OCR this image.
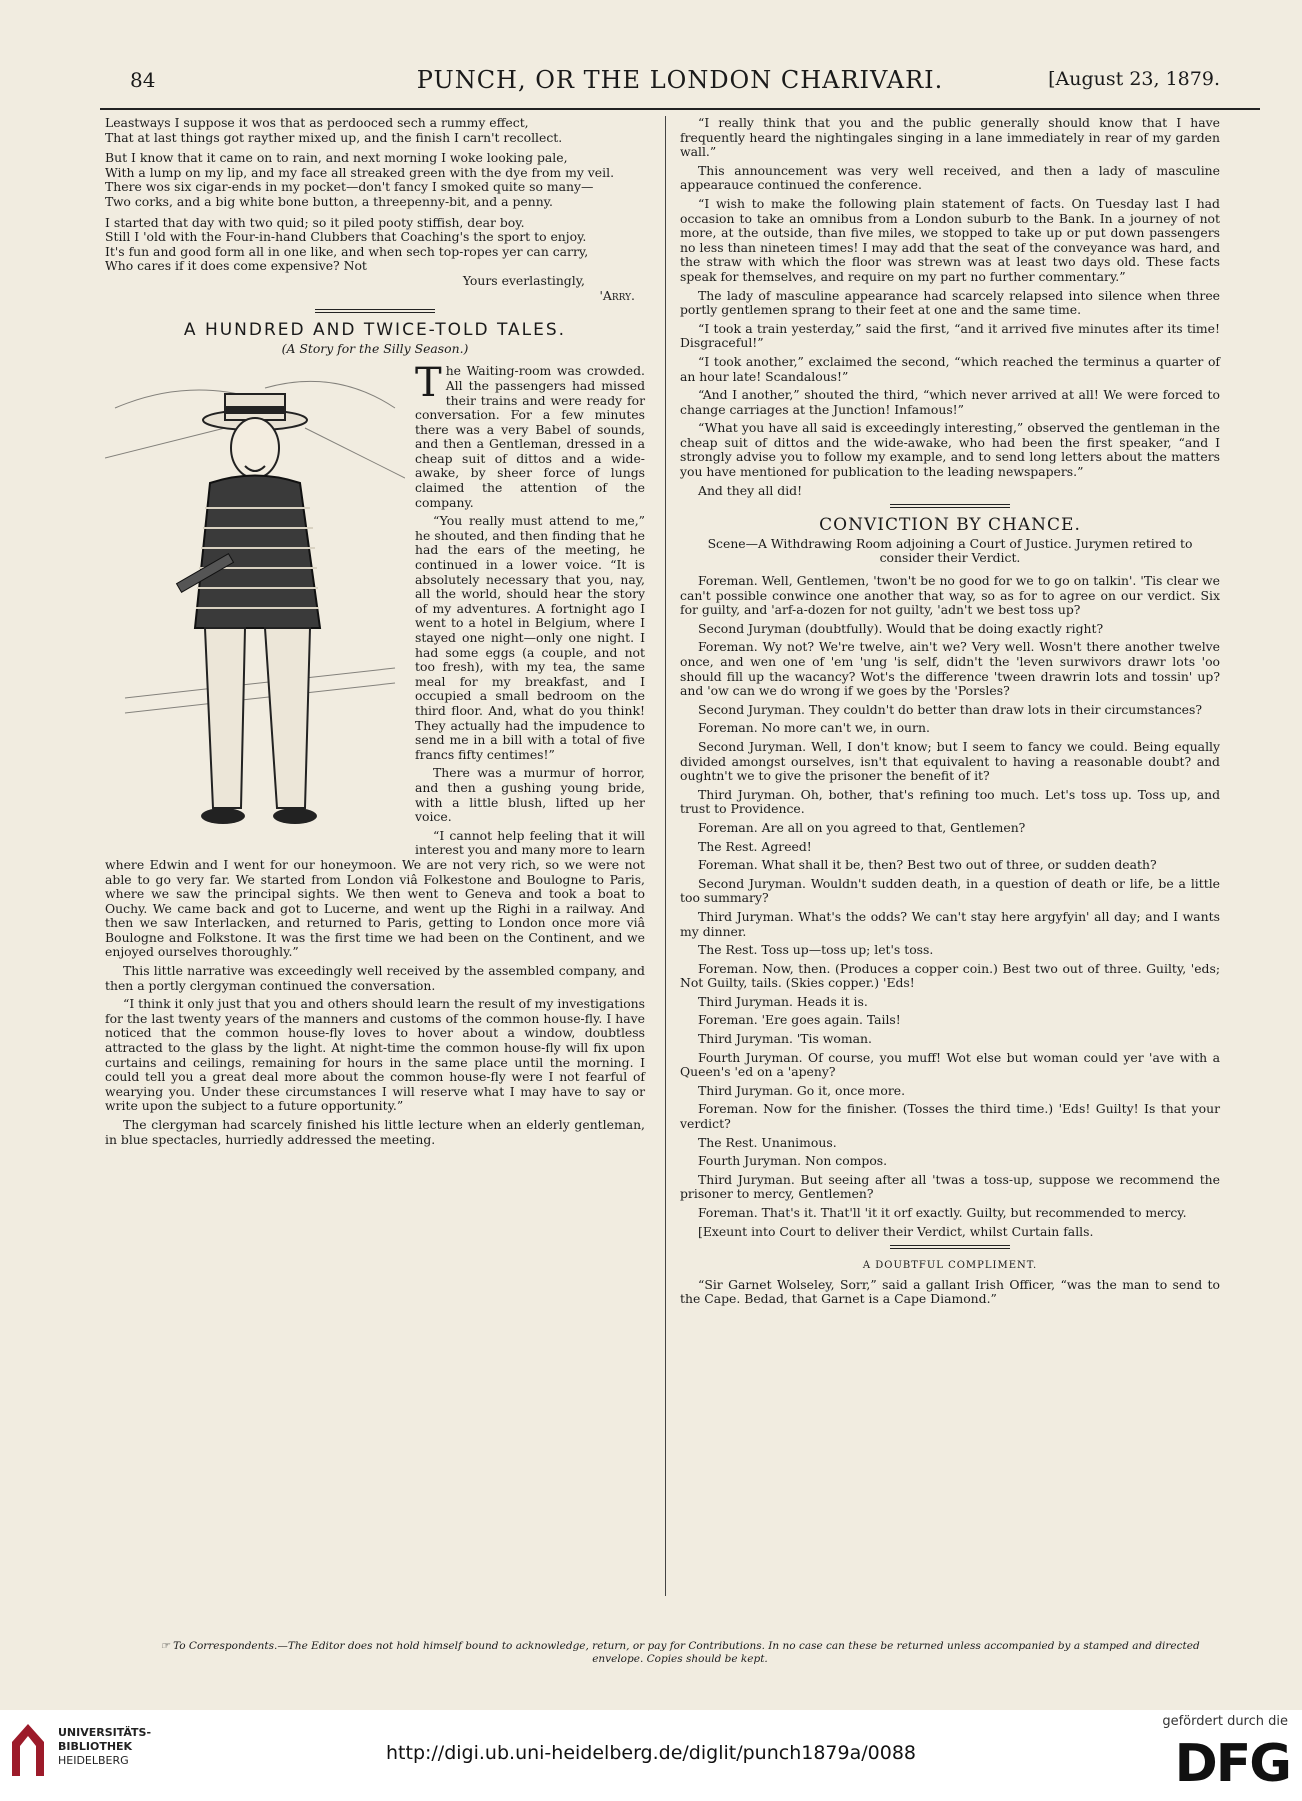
84	PUNCH, OR THE LONDON CHARIVARI.	[August 23, 1879.

Leastways I suppose it wos that as perdooced sech a rummy effect,

That at last things got rayther mixed up, and the finish I carn't recollect.

But I know that it came on to rain, and next morning I woke looking pale,

With a lump on my lip, and my face all streaked green with the dye from my veil.

There wos six cigar-ends in my pocket—don't fancy I smoked quite so many—

Two corks, and a big white bone button, a threepenny-bit, and a penny.

I started that day with two quid; so it piled pooty stiffish, dear boy.

Still I 'old with the Four-in-hand Clubbers that Coaching's the sport to enjoy.

It's fun and good form all in one like, and when sech top-ropes yer can carry,

Who cares if it does come expensive? Not

Yours everlastingly,

'Arry.

A HUNDRED AND TWICE-TOLD TALES.

(A Story for the Silly Season.)

T he Waiting-room was crowded. All the passengers had missed their trains and were ready for conversation. For a few minutes there was a very Babel of sounds, and then a Gentleman, dressed in a cheap suit of dittos and a wide-awake, by sheer force of lungs claimed the attention of the company.

“You really must attend to me,” he shouted, and then finding that he had the ears of the meeting, he continued in a lower voice. “It is absolutely necessary that you, nay, all the world, should hear the story of my adventures. A fortnight ago I went to a hotel in Belgium, where I stayed one night—only one night. I had some eggs (a couple, and not too fresh), with my tea, the same meal for my breakfast, and I occupied a small bedroom on the third floor. And, what do you think! They actually had the impudence to send me in a bill with a total of five francs fifty centimes!”

There was a murmur of horror, and then a gushing young bride, with a little blush, lifted up her voice.

“I cannot help feeling that it will interest you and many more to learn where Edwin and I went for our honeymoon. We are not very rich, so we were not able to go very far. We started from London viâ Folkestone and Boulogne to Paris, where we saw the principal sights. We then went to Geneva and took a boat to Ouchy. We came back and got to Lucerne, and went up the Righi in a railway. And then we saw Interlacken, and returned to Paris, getting to London once more viâ Boulogne and Folkstone. It was the first time we had been on the Continent, and we enjoyed ourselves thoroughly.”

This little narrative was exceedingly well received by the assembled company, and then a portly clergyman continued the conversation.

“I think it only just that you and others should learn the result of my investigations for the last twenty years of the manners and customs of the common house-fly. I have noticed that the common house-fly loves to hover about a window, doubtless attracted to the glass by the light. At night-time the common house-fly will fix upon curtains and ceilings, remaining for hours in the same place until the morning. I could tell you a great deal more about the common house-fly were I not fearful of wearying you. Under these circumstances I will reserve what I may have to say or write upon the subject to a future opportunity.”

The clergyman had scarcely finished his little lecture when an elderly gentleman, in blue spectacles, hurriedly addressed the meeting.

“I really think that you and the public generally should know that I have frequently heard the nightingales singing in a lane immediately in rear of my garden wall.”

This announcement was very well received, and then a lady of masculine appearauce continued the conference.

“I wish to make the following plain statement of facts. On Tuesday last I had occasion to take an omnibus from a London suburb to the Bank. In a journey of not more, at the outside, than five miles, we stopped to take up or put down passengers no less than nineteen times! I may add that the seat of the conveyance was hard, and the straw with which the floor was strewn was at least two days old. These facts speak for themselves, and require on my part no further commentary.”

The lady of masculine appearance had scarcely relapsed into silence when three portly gentlemen sprang to their feet at one and the same time.

“I took a train yesterday,” said the first, “and it arrived five minutes after its time! Disgraceful!”

“I took another,” exclaimed the second, “which reached the terminus a quarter of an hour late! Scandalous!”

“And I another,” shouted the third, “which never arrived at all! We were forced to change carriages at the Junction! Infamous!”

“What you have all said is exceedingly interesting,” observed the gentleman in the cheap suit of dittos and the wide-awake, who had been the first speaker, “and I strongly advise you to follow my example, and to send long letters about the matters you have mentioned for publication to the leading newspapers.”

And they all did!

CONVICTION BY CHANCE.

Scene—A Withdrawing Room adjoining a Court of Justice. Jurymen retired to consider their Verdict.

Foreman. Well, Gentlemen, 'twon't be no good for we to go on talkin'. 'Tis clear we can't possible conwince one another that way, so as for to agree on our verdict. Six for guilty, and 'arf-a-dozen for not guilty, 'adn't we best toss up?

Second Juryman (doubtfully). Would that be doing exactly right?

Foreman. Wy not? We're twelve, ain't we? Very well. Wosn't there another twelve once, and wen one of 'em 'ung 'is self, didn't the 'leven surwivors drawr lots 'oo should fill up the wacancy? Wot's the difference 'tween drawrin lots and tossin' up? and 'ow can we do wrong if we goes by the 'Porsles?

Second Juryman. They couldn't do better than draw lots in their circumstances?

Foreman. No more can't we, in ourn.

Second Juryman. Well, I don't know; but I seem to fancy we could. Being equally divided amongst ourselves, isn't that equivalent to having a reasonable doubt? and oughtn't we to give the prisoner the benefit of it?

Third Juryman. Oh, bother, that's refining too much. Let's toss up. Toss up, and trust to Providence.

Foreman. Are all on you agreed to that, Gentlemen?

The Rest. Agreed!

Foreman. What shall it be, then? Best two out of three, or sudden death?

Second Juryman. Wouldn't sudden death, in a question of death or life, be a little too summary?

Third Juryman. What's the odds? We can't stay here argyfyin' all day; and I wants my dinner.

The Rest. Toss up—toss up; let's toss.

Foreman. Now, then. (Produces a copper coin.) Best two out of three. Guilty, 'eds; Not Guilty, tails. (Skies copper.) 'Eds!

Third Juryman. Heads it is.

Foreman. 'Ere goes again. Tails!

Third Juryman. 'Tis woman.

Fourth Juryman. Of course, you muff! Wot else but woman could yer 'ave with a Queen's 'ed on a 'apeny?

Third Juryman. Go it, once more.

Foreman. Now for the finisher. (Tosses the third time.) 'Eds! Guilty! Is that your verdict?

The Rest. Unanimous.

Fourth Juryman. Non compos.

Third Juryman. But seeing after all 'twas a toss-up, suppose we recommend the prisoner to mercy, Gentlemen?

Foreman. That's it. That'll 'it it orf exactly. Guilty, but recommended to mercy.

[Exeunt into Court to deliver their Verdict, whilst Curtain falls.

A DOUBTFUL COMPLIMENT.

“Sir Garnet Wolseley, Sorr,” said a gallant Irish Officer, “was the man to send to the Cape. Bedad, that Garnet is a Cape Diamond.”

☞ To Correspondents.—The Editor does not hold himself bound to acknowledge, return, or pay for Contributions. In no case can these be returned unless accompanied by a stamped and directed envelope. Copies should be kept.
UNIVERSITÄTS-
BIBLIOTHEK
HEIDELBERG	http://digi.ub.uni-heidelberg.de/diglit/punch1879a/0088
gefördert durch die
DFG
